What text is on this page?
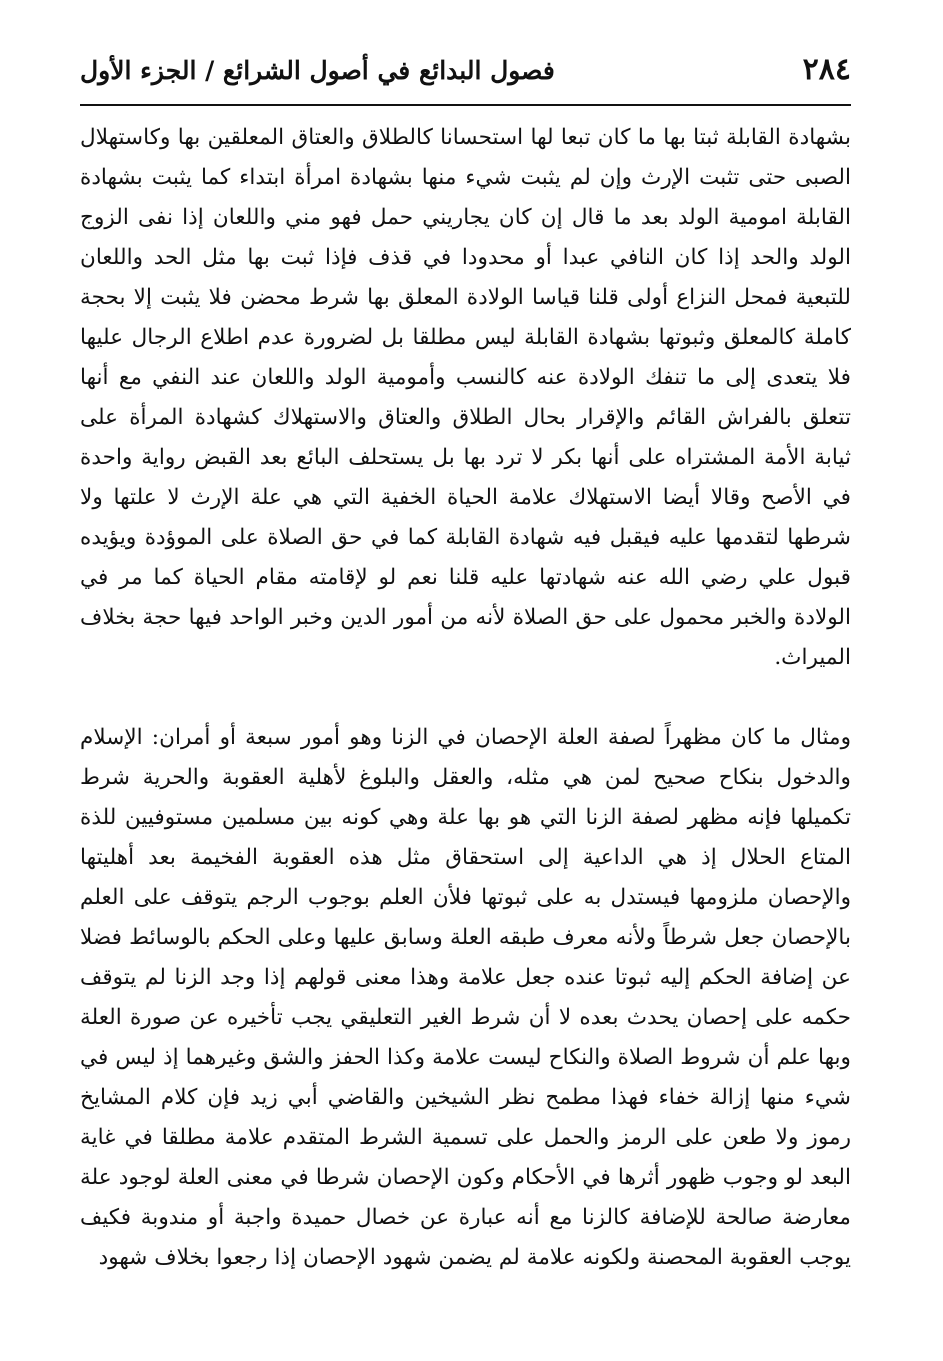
٢٨٤
فصول البدائع في أصول الشرائع / الجزء الأول

بشهادة القابلة ثبتا بها ما كان تبعا لها استحسانا كالطلاق والعتاق المعلقين بها وكاستهلال الصبى حتى تثبت الإرث وإن لم يثبت شيء منها بشهادة امرأة ابتداء كما يثبت بشهادة القابلة امومية الولد بعد ما قال إن كان يجاريني حمل فهو مني واللعان إذا نفى الزوج الولد والحد إذا كان النافي عبدا أو محدودا في قذف فإذا ثبت بها مثل الحد واللعان للتبعية فمحل النزاع أولى قلنا قياسا الولادة المعلق بها شرط محضن فلا يثبت إلا بحجة كاملة كالمعلق وثبوتها بشهادة القابلة ليس مطلقا بل لضرورة عدم اطلاع الرجال عليها فلا يتعدى إلى ما تنفك الولادة عنه كالنسب وأمومية الولد واللعان عند النفي مع أنها تتعلق بالفراش القائم والإقرار بحال الطلاق والعتاق والاستهلاك كشهادة المرأة على ثيابة الأمة المشتراه على أنها بكر لا ترد بها بل يستحلف البائع بعد القبض رواية واحدة في الأصح وقالا أيضا الاستهلاك علامة الحياة الخفية التي هي علة الإرث لا علتها ولا شرطها لتقدمها عليه فيقبل فيه شهادة القابلة كما في حق الصلاة على الموؤدة ويؤيده قبول علي رضي الله عنه شهادتها عليه قلنا نعم لو لإقامته مقام الحياة كما مر في الولادة والخبر محمول على حق الصلاة لأنه من أمور الدين وخبر الواحد فيها حجة بخلاف الميراث.

ومثال ما كان مظهراً لصفة العلة الإحصان في الزنا وهو أمور سبعة أو أمران: الإسلام والدخول بنكاح صحيح لمن هي مثله، والعقل والبلوغ لأهلية العقوبة والحرية شرط تكميلها فإنه مظهر لصفة الزنا التي هو بها علة وهي كونه بين مسلمين مستوفيين للذة المتاع الحلال إذ هي الداعية إلى استحقاق مثل هذه العقوبة الفخيمة بعد أهليتها والإحصان ملزومها فيستدل به على ثبوتها فلأن العلم بوجوب الرجم يتوقف على العلم بالإحصان جعل شرطاً ولأنه معرف طبقه العلة وسابق عليها وعلى الحكم بالوسائط فضلا عن إضافة الحكم إليه ثبوتا عنده جعل علامة وهذا معنى قولهم إذا وجد الزنا لم يتوقف حكمه على إحصان يحدث بعده لا أن شرط الغير التعليقي يجب تأخيره عن صورة العلة وبها علم أن شروط الصلاة والنكاح ليست علامة وكذا الحفز والشق وغيرهما إذ ليس في شيء منها إزالة خفاء فهذا مطمح نظر الشيخين والقاضي أبي زيد فإن كلام المشايخ رموز ولا طعن على الرمز والحمل على تسمية الشرط المتقدم علامة مطلقا في غاية البعد لو وجوب ظهور أثرها في الأحكام وكون الإحصان شرطا في معنى العلة لوجود علة معارضة صالحة للإضافة كالزنا مع أنه عبارة عن خصال حميدة واجبة أو مندوبة فكيف يوجب العقوبة المحصنة ولكونه علامة لم يضمن شهود الإحصان إذا رجعوا بخلاف شهود
